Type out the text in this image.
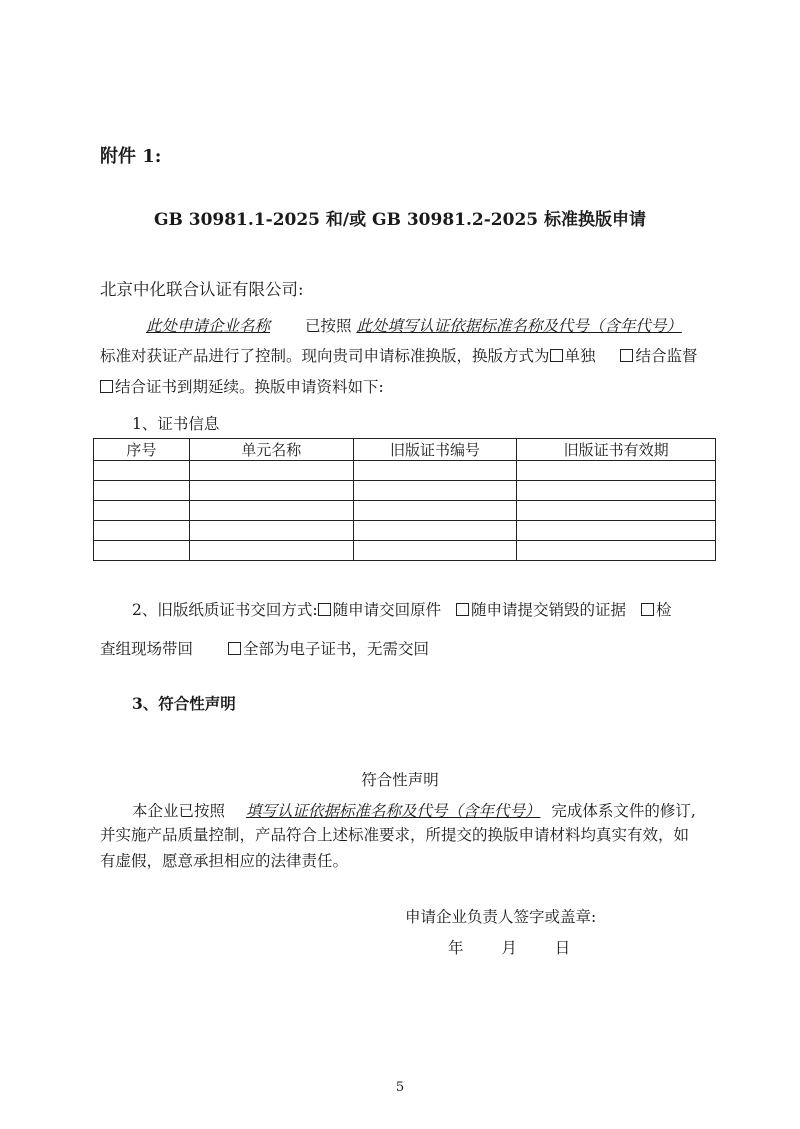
附件 1:
GB 30981.1-2025 和/或 GB 30981.2-2025 标准换版申请
北京中化联合认证有限公司:
此处申请企业名称 已按照 此处填写认证依据标准名称及代号（含年代号）
标准对获证产品进行了控制。现向贵司申请标准换版，换版方式为 单独	结合监督
结合证书到期延续。换版申请资料如下:
1、证书信息
序号	单元名称	旧版证书编号	旧版证书有效期

2、旧版纸质证书交回方式: 随申请交回原件 随申请提交销毁的证据 检
查组现场带回	全部为电子证书，无需交回
3、符合性声明
符合性声明
本企业已按照 填写认证依据标准名称及代号（含年代号） 完成体系文件的修订,
并实施产品质量控制，产品符合上述标准要求，所提交的换版申请材料均真实有效，如
有虚假，愿意承担相应的法律责任。
申请企业负责人签字或盖章:
年 月 日
5
